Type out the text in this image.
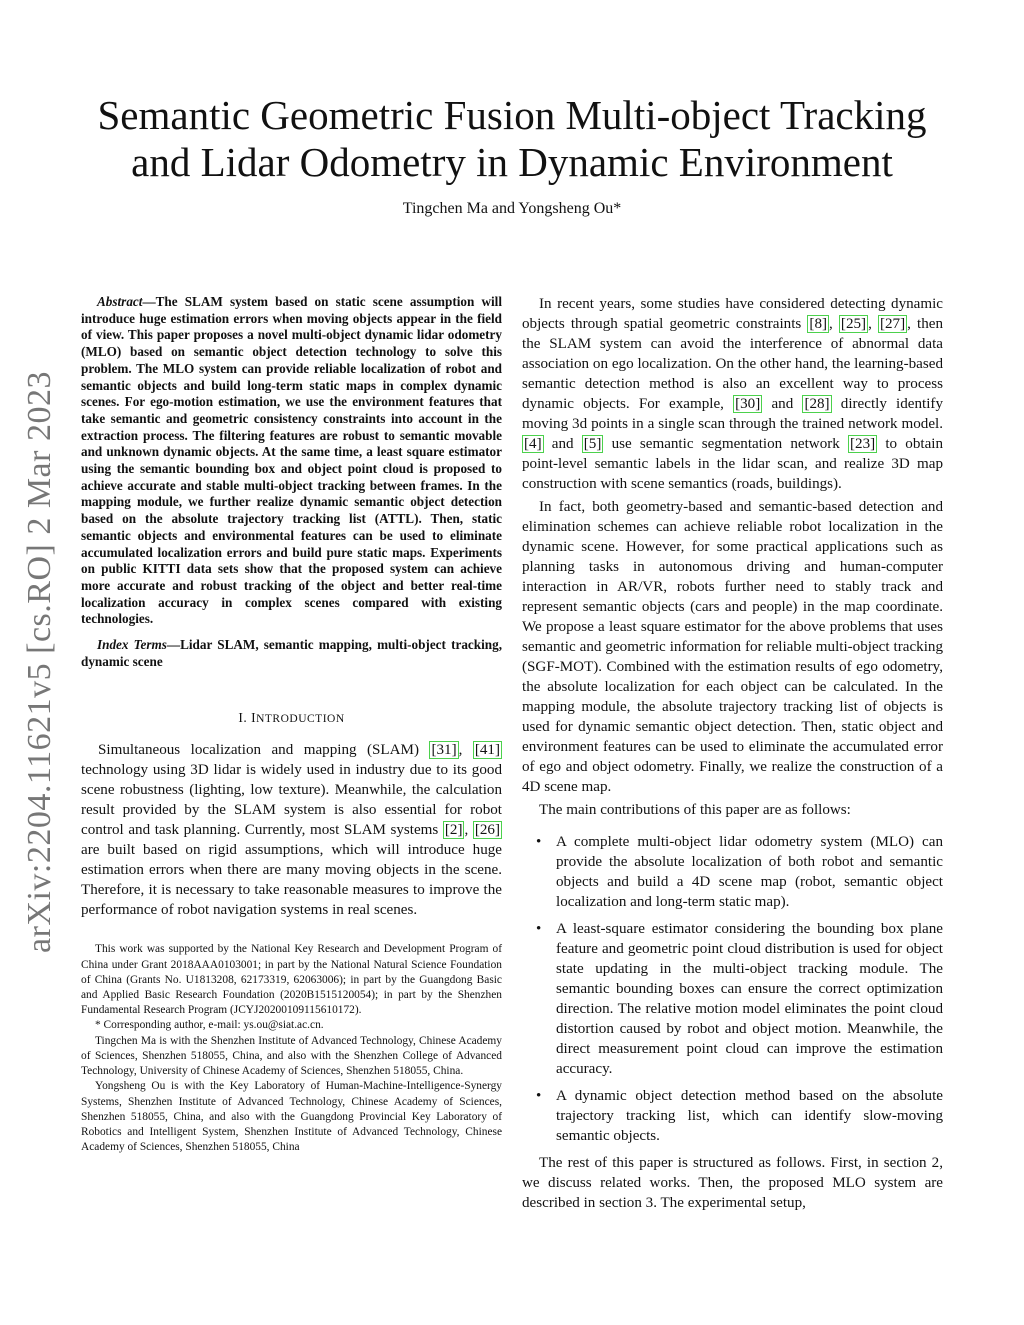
arXiv:2204.11621v5 [cs.RO] 2 Mar 2023
Semantic Geometric Fusion Multi-object Tracking
and Lidar Odometry in Dynamic Environment
Tingchen Ma and Yongsheng Ou*

Abstract—The SLAM system based on static scene assumption will introduce huge estimation errors when moving objects appear in the field of view. This paper proposes a novel multi-object dynamic lidar odometry (MLO) based on semantic object detection technology to solve this problem. The MLO system can provide reliable localization of robot and semantic objects and build long-term static maps in complex dynamic scenes. For ego-motion estimation, we use the environment features that take semantic and geometric consistency constraints into account in the extraction process. The filtering features are robust to semantic movable and unknown dynamic objects. At the same time, a least square estimator using the semantic bounding box and object point cloud is proposed to achieve accurate and stable multi-object tracking between frames. In the mapping module, we further realize dynamic semantic object detection based on the absolute trajectory tracking list (ATTL). Then, static semantic objects and environmental features can be used to eliminate accumulated localization errors and build pure static maps. Experiments on public KITTI data sets show that the proposed system can achieve more accurate and robust tracking of the object and better real-time localization accuracy in complex scenes compared with existing technologies.

Index Terms—Lidar SLAM, semantic mapping, multi-object tracking, dynamic scene

I. INTRODUCTION

Simultaneous localization and mapping (SLAM) [31] , [41] technology using 3D lidar is widely used in industry due to its good scene robustness (lighting, low texture). Meanwhile, the calculation result provided by the SLAM system is also essential for robot control and task planning. Currently, most SLAM systems [2] , [26] are built based on rigid assumptions, which will introduce huge estimation errors when there are many moving objects in the scene. Therefore, it is necessary to take reasonable measures to improve the performance of robot navigation systems in real scenes.

This work was supported by the National Key Research and Development Program of China under Grant 2018AAA0103001; in part by the National Natural Science Foundation of China (Grants No. U1813208, 62173319, 62063006); in part by the Guangdong Basic and Applied Basic Research Foundation (2020B1515120054); in part by the Shenzhen Fundamental Research Program (JCYJ20200109115610172).

* Corresponding author, e-mail: ys.ou@siat.ac.cn.

Tingchen Ma is with the Shenzhen Institute of Advanced Technology, Chinese Academy of Sciences, Shenzhen 518055, China, and also with the Shenzhen College of Advanced Technology, University of Chinese Academy of Sciences, Shenzhen 518055, China.

Yongsheng Ou is with the Key Laboratory of Human-Machine-Intelligence-Synergy Systems, Shenzhen Institute of Advanced Technology, Chinese Academy of Sciences, Shenzhen 518055, China, and also with the Guangdong Provincial Key Laboratory of Robotics and Intelligent System, Shenzhen Institute of Advanced Technology, Chinese Academy of Sciences, Shenzhen 518055, China

In recent years, some studies have considered detecting dynamic objects through spatial geometric constraints [8] , [25] , [27] , then the SLAM system can avoid the interference of abnormal data association on ego localization. On the other hand, the learning-based semantic detection method is also an excellent way to process dynamic objects. For example, [30] and [28] directly identify moving 3d points in a single scan through the trained network model. [4] and [5] use semantic segmentation network [23] to obtain point-level semantic labels in the lidar scan, and realize 3D map construction with scene semantics (roads, buildings).

In fact, both geometry-based and semantic-based detection and elimination schemes can achieve reliable robot localization in the dynamic scene. However, for some practical applications such as planning tasks in autonomous driving and human-computer interaction in AR/VR, robots further need to stably track and represent semantic objects (cars and people) in the map coordinate. We propose a least square estimator for the above problems that uses semantic and geometric information for reliable multi-object tracking (SGF-MOT). Combined with the estimation results of ego odometry, the absolute localization for each object can be calculated. In the mapping module, the absolute trajectory tracking list of objects is used for dynamic semantic object detection. Then, static object and environment features can be used to eliminate the accumulated error of ego and object odometry. Finally, we realize the construction of a 4D scene map.

The main contributions of this paper are as follows:

• A complete multi-object lidar odometry system (MLO) can provide the absolute localization of both robot and semantic objects and build a 4D scene map (robot, semantic object localization and long-term static map).
• A least-square estimator considering the bounding box plane feature and geometric point cloud distribution is used for object state updating in the multi-object tracking module. The semantic bounding boxes can ensure the correct optimization direction. The relative motion model eliminates the point cloud distortion caused by robot and object motion. Meanwhile, the direct measurement point cloud can improve the estimation accuracy.
• A dynamic object detection method based on the absolute trajectory tracking list, which can identify slow-moving semantic objects.

The rest of this paper is structured as follows. First, in section 2, we discuss related works. Then, the proposed MLO system are described in section 3. The experimental setup,
